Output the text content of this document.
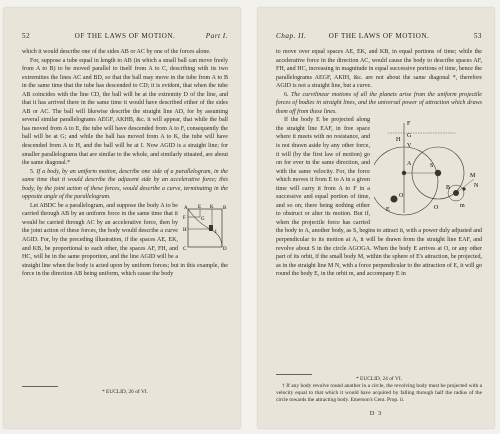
52	OF THE LAWS OF MOTION.	Part I.

which it would describe one of the sides AB or AC by one of the forces alone.

For, suppose a tube equal in length to AB (in which a small ball can move freely from A to B) to be moved parallel to itself from A to C, describing with its two extremities the lines AC and BD, so that the ball may move in the tube from A to B in the same time that the tube has descended to CD; it is evident, that when the tube AB coincides with the line CD, the ball will be at the extremity D of the line, and that it has arrived there in the same time it would have described either of the sides AB or AC. The ball will likewise describe the straight line AD, for by assuming several similar parallelograms AEGF, AKHB, &c. it will appear, that while the ball has moved from A to E, the tube will have descended from A to F, consequently the ball will be at G; and while the ball has moved from A to K, the tube will have descended from A to H, and the ball will be at I. Now AGID is a straight line; for smaller parallelograms that are similar to the whole, and similarly situated, are about the same diagonal.*

5. If a body, by an uniform motion, describe one side of a parallelogram, in the same time that it would describe the adjacent side by an accelerative force; this body, by the joint action of these forces, would describe a curve, terminating in the opposite angle of the parallelogram.

A E K B
F	G
H	I
C	D

Let ABDC be a parallelogram, and suppose the body A to be carried through AB by an uniform force in the same time that it would be carried through AC by an accelerative force, then by the joint action of these forces, the body would describe a curve AGID. For, by the preceding illustration, if the spaces AE, EK, and KB, be proportional to each other, the spaces AF, FH, and HC, will be in the same proportion, and the line AGID will be a straight line when the body is acted upon by uniform forces; but in this example, the force in the direction AB being uniform, which cause the body

* EUCLID, 26 of VI.
Chap. II.	OF THE LAWS OF MOTION.	53

to move over equal spaces AE, EK, and KB, in equal portions of time; while the accelerative force in the direction AC, would cause the body to describe spaces AF, FH, and HC, increasing in magnitude in equal successive portions of time, hence the parallelograms AEGF, AKIH, &c. are not about the same diagonal *, therefore AGID is not a straight line, but a curve.

6. The curvilinear motions of all the planets arise from the uniform projectile forces of bodies in straight lines, and the universal power of attraction which draws them off from these lines.

F
G
H
V
A	S
M
N
O
E
O
m
B

If the body E be projected along the straight line EAF, in free space where it meets with no resistance, and is not drawn aside by any other force, it will (by the first law of motion) go on for ever in the same direction, and with the same velocity. For, the force which moves it from E to A in a given time will carry it from A to F in a successive and equal portion of time, and so on; there being nothing either to obstruct or alter its motion. But if, when the projectile force has carried the body to A, another body, as S, begins to attract it, with a power duly adjusted and perpendicular to its motion at A, it will be drawn from the straight line EAF, and revolve about S in the circle AGOGA. When the body E arrives at O, or any other part of its orbit, if the small body M, within the sphere of E's attraction, be projected, as in the straight line M N, with a force perpendicular to the attraction of E, it will go round the body E, in the orbit m, and accompany E in

* EUCLID, 24 of VI.
† If any body revolve round another in a circle, the revolving body must be projected with a velocity equal to that which it would have acquired by falling through half the radius of the circle towards the attracting body. Emerson's Cent. Prop. ii.
D 3
